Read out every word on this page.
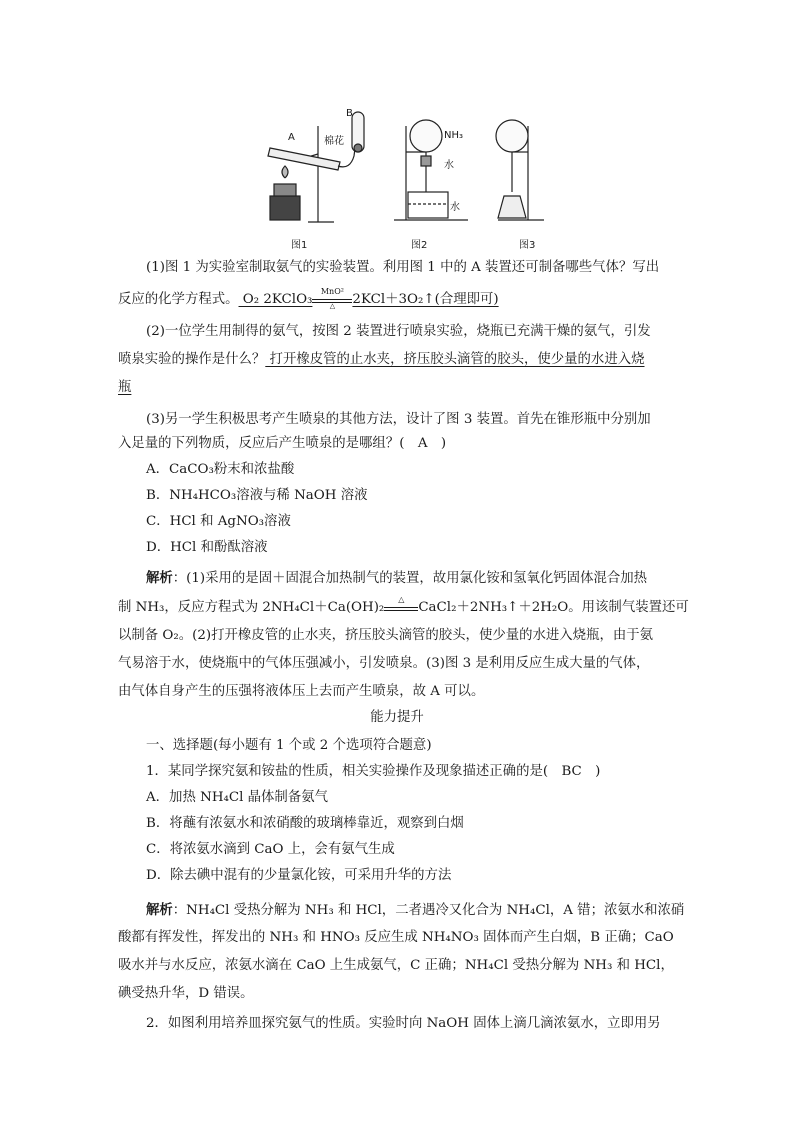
A
B
棉花
NH₃
水
水
图1	图2	图3
(1)图 1 为实验室制取氨气的实验装置。利用图 1 中的 A 装置还可制备哪些气体？写出
反应的化学方程式。 O₂ 2KClO₃
MnO²
△	2KCl＋3O₂↑(合理即可)
(2)一位学生用制得的氨气，按图 2 装置进行喷泉实验，烧瓶已充满干燥的氨气，引发
喷泉实验的操作是什么？ 打开橡皮管的止水夹，挤压胶头滴管的胶头，使少量的水进入烧
瓶
(3)另一学生积极思考产生喷泉的其他方法，设计了图 3 装置。首先在锥形瓶中分别加
入足量的下列物质，反应后产生喷泉的是哪组？(　A　)
A．CaCO₃粉末和浓盐酸
B．NH₄HCO₃溶液与稀 NaOH 溶液
C．HCl 和 AgNO₃溶液
D．HCl 和酚酞溶液
解析：(1)采用的是固＋固混合加热制气的装置，故用氯化铵和氢氧化钙固体混合加热
制 NH₃，反应方程式为 2NH₄Cl＋Ca(OH)₂
△
CaCl₂＋2NH₃↑＋2H₂O。用该制气装置还可
以制备 O₂。(2)打开橡皮管的止水夹，挤压胶头滴管的胶头，使少量的水进入烧瓶，由于氨
气易溶于水，使烧瓶中的气体压强减小，引发喷泉。(3)图 3 是利用反应生成大量的气体，
由气体自身产生的压强将液体压上去而产生喷泉，故 A 可以。
能力提升
一、选择题(每小题有 1 个或 2 个选项符合题意)
1．某同学探究氨和铵盐的性质，相关实验操作及现象描述正确的是(　BC　)
A．加热 NH₄Cl 晶体制备氨气
B．将蘸有浓氨水和浓硝酸的玻璃棒靠近，观察到白烟
C．将浓氨水滴到 CaO 上，会有氨气生成
D．除去碘中混有的少量氯化铵，可采用升华的方法
解析：NH₄Cl 受热分解为 NH₃ 和 HCl，二者遇冷又化合为 NH₄Cl，A 错；浓氨水和浓硝
酸都有挥发性，挥发出的 NH₃ 和 HNO₃ 反应生成 NH₄NO₃ 固体而产生白烟，B 正确；CaO
吸水并与水反应，浓氨水滴在 CaO 上生成氨气，C 正确；NH₄Cl 受热分解为 NH₃ 和 HCl，
碘受热升华，D 错误。
2．如图利用培养皿探究氨气的性质。实验时向 NaOH 固体上滴几滴浓氨水，立即用另
